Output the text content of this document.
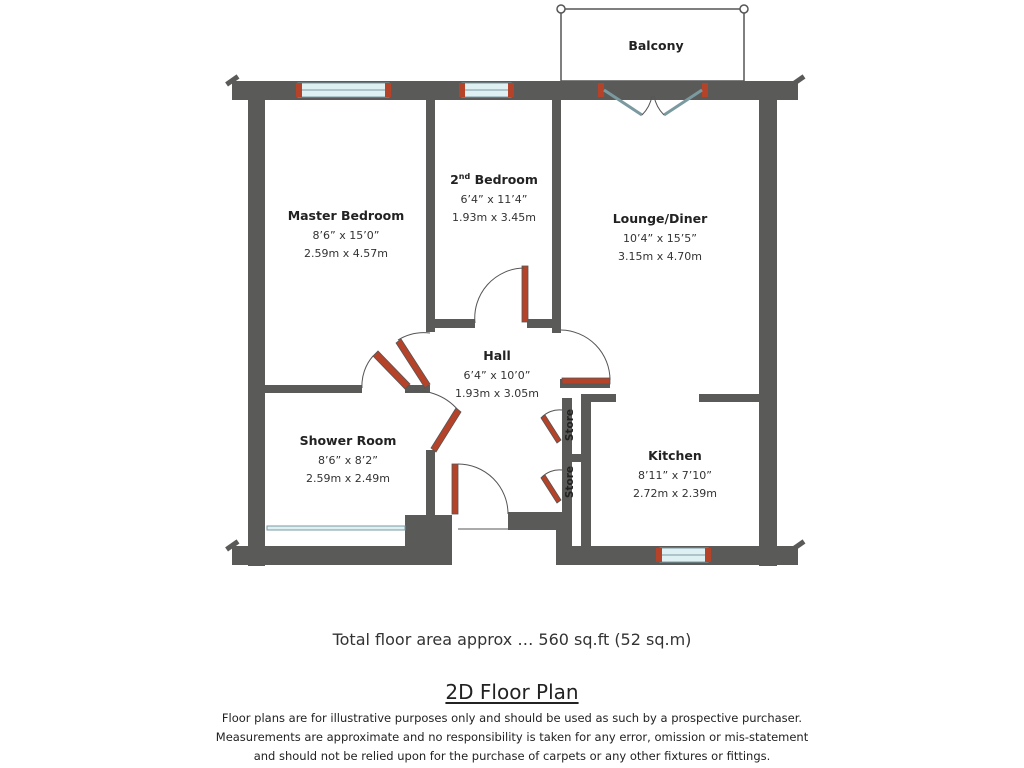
Balcony
Master Bedroom
8’6” x 15’0”
2.59m x 4.57m
2nd Bedroom
6’4” x 11’4”
1.93m x 3.45m	Lounge/Diner
10’4” x 15’5”
3.15m x 4.70m
Hall
6’4” x 10’0”
1.93m x 3.05m
Shower Room
8’6” x 8’2”
2.59m x 2.49m
Kitchen
8’11” x 7’10”
2.72m x 2.39m
Store
Store
Total floor area approx … 560 sq.ft (52 sq.m)
2D Floor Plan
Floor plans are for illustrative purposes only and should be used as such by a prospective purchaser.
Measurements are approximate and no responsibility is taken for any error, omission or mis-statement
and should not be relied upon for the purchase of carpets or any other fixtures or fittings.
